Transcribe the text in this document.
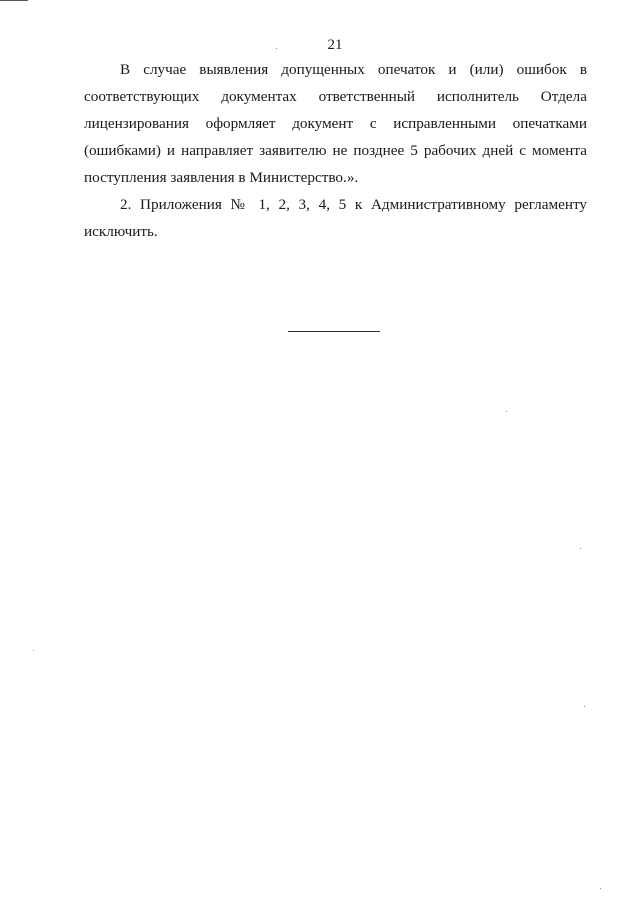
21

В случае выявления допущенных опечаток и (или) ошибок в

соответствующих документах ответственный исполнитель Отдела

лицензирования оформляет документ с исправленными опечатками

(ошибками) и направляет заявителю не позднее 5 рабочих дней с момента

поступления заявления в Министерство.».

2. Приложения № 1, 2, 3, 4, 5 к Административному регламенту

исключить.
